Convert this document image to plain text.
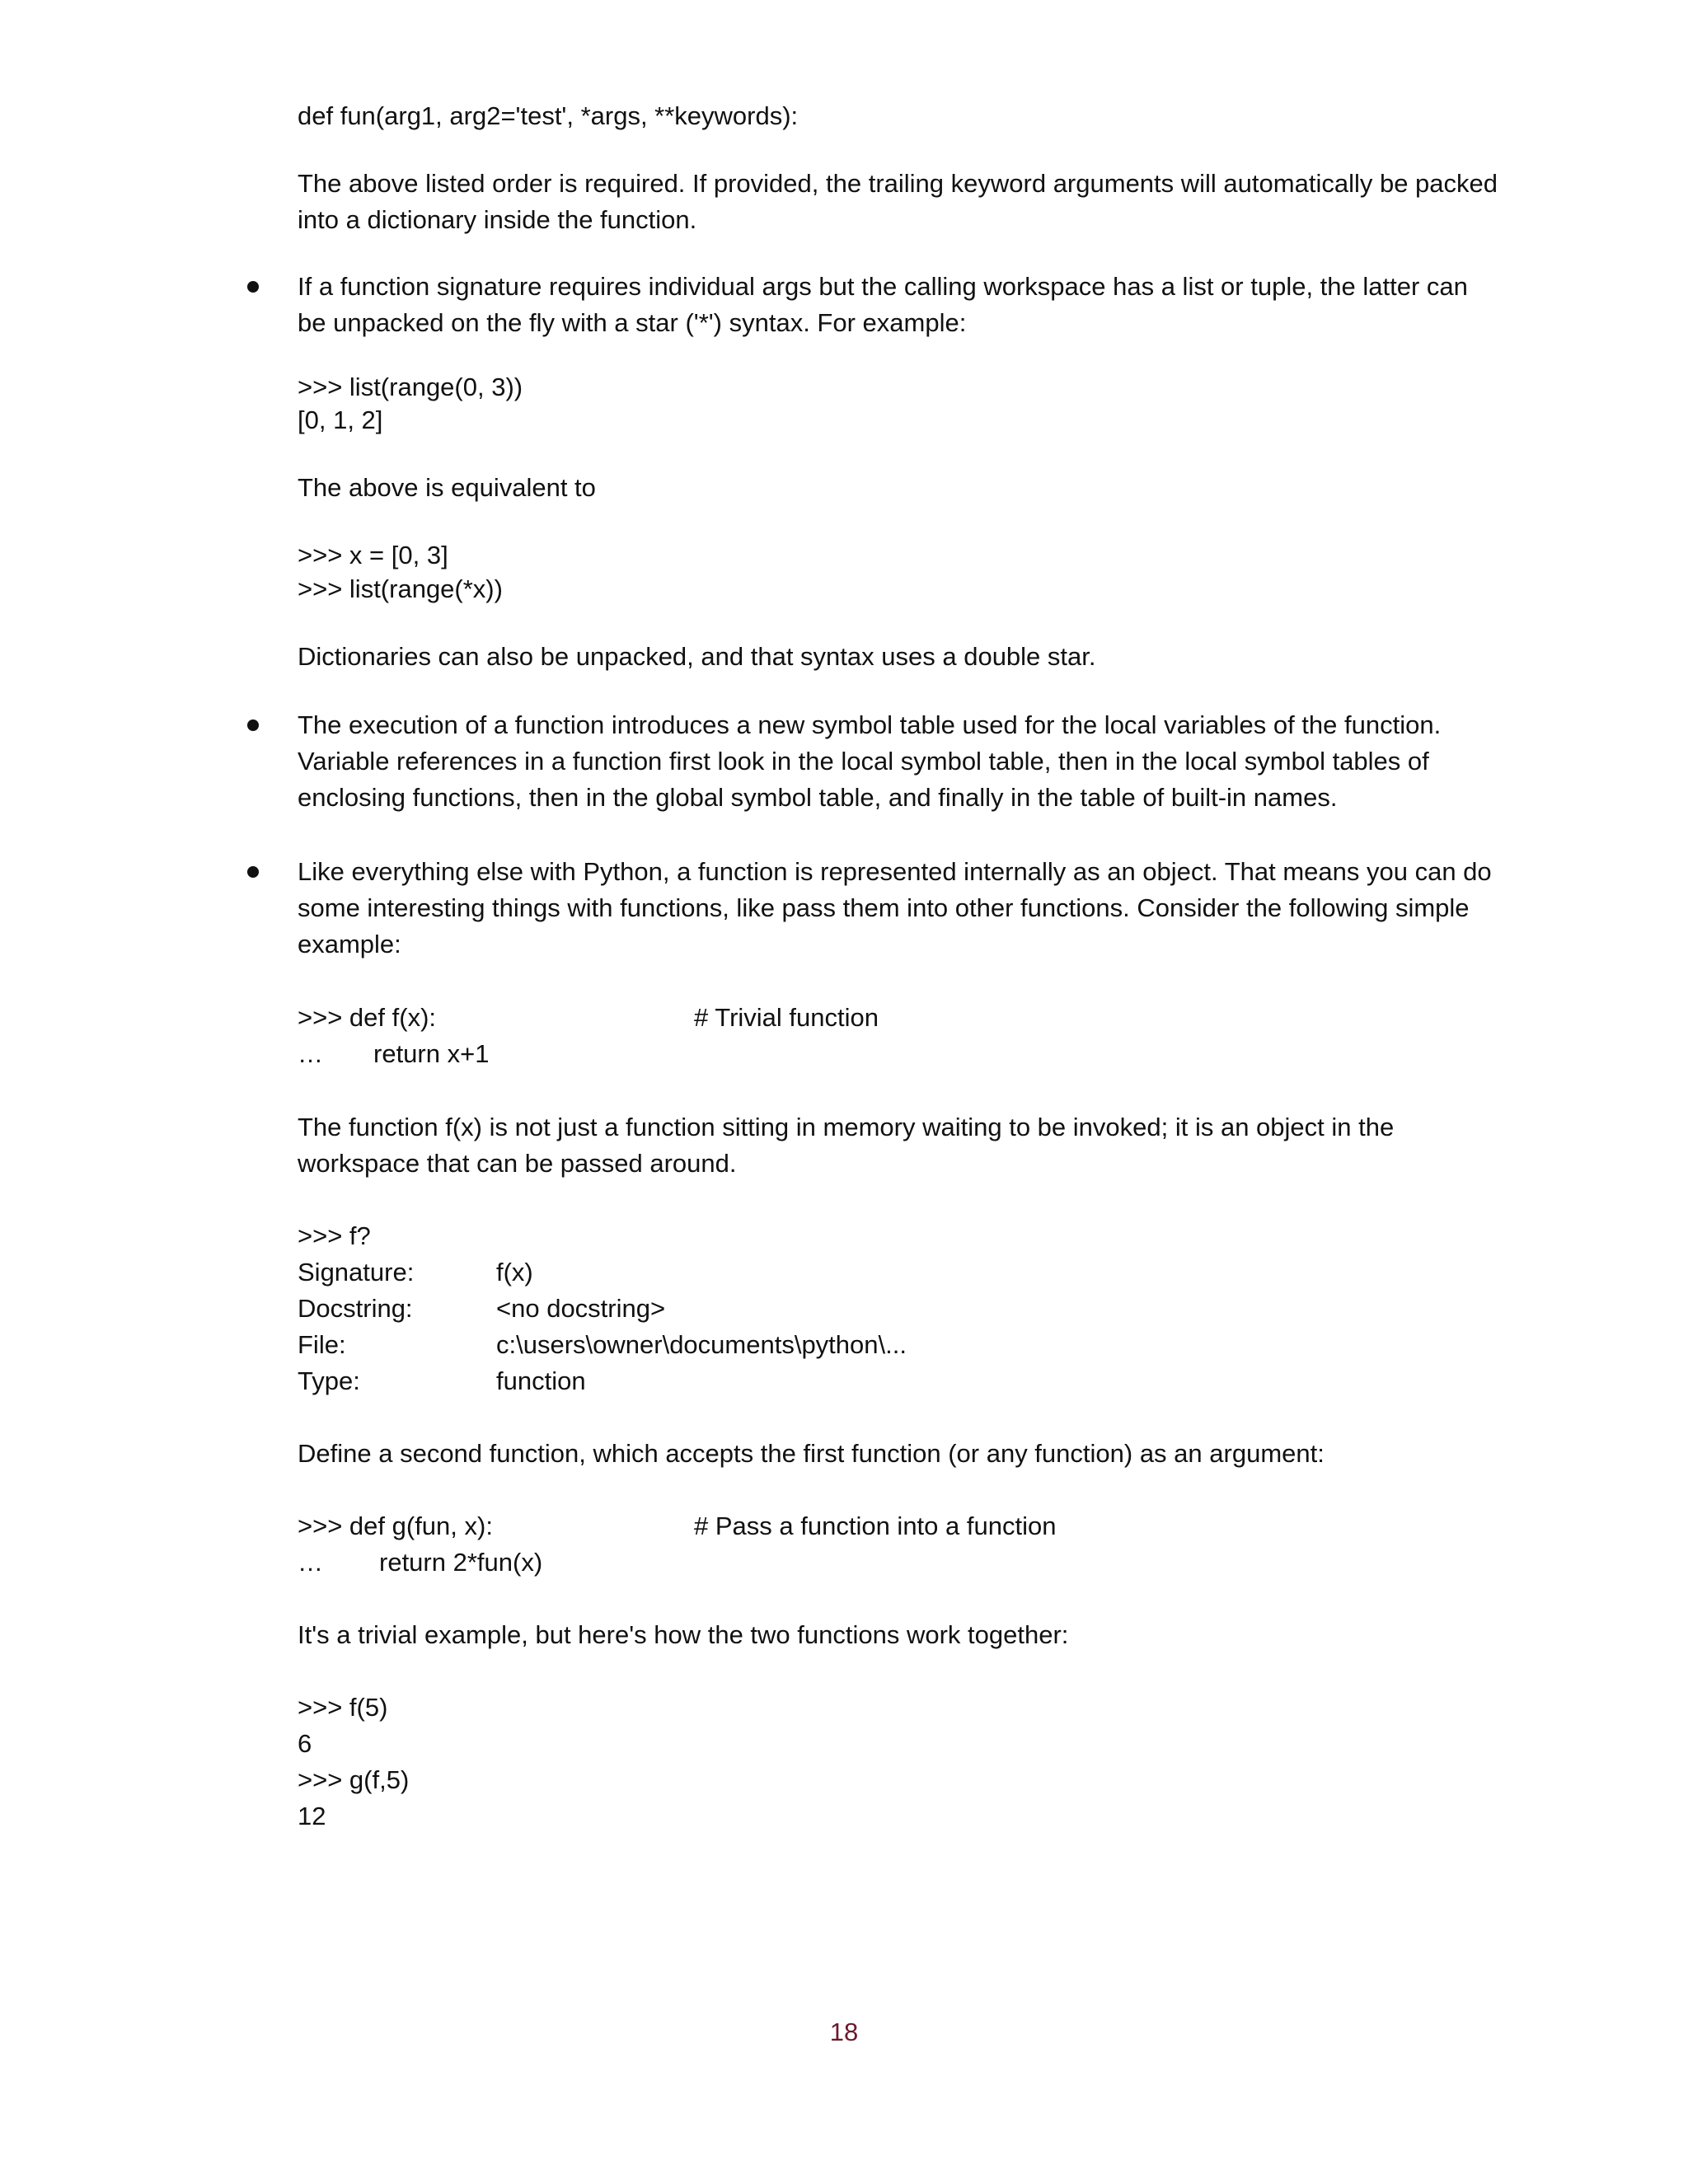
def fun(arg1, arg2='test', *args, **keywords):
The above listed order is required. If provided, the trailing keyword arguments will automatically be packed into a dictionary inside the function.
If a function signature requires individual args but the calling workspace has a list or tuple, the latter can be unpacked on the fly with a star ('*') syntax. For example:
>>> list(range(0, 3))
[0, 1, 2]
The above is equivalent to
>>> x = [0, 3]
>>> list(range(*x))
Dictionaries can also be unpacked, and that syntax uses a double star.
The execution of a function introduces a new symbol table used for the local variables of the function. Variable references in a function first look in the local symbol table, then in the local symbol tables of enclosing functions, then in the global symbol table, and finally in the table of built-in names.
Like everything else with Python, a function is represented internally as an object. That means you can do some interesting things with functions, like pass them into other functions. Consider the following simple example:
>>> def f(x):	# Trivial function
… return x+1
The function f(x) is not just a function sitting in memory waiting to be invoked; it is an object in the workspace that can be passed around.
>>> f?
Signature:	f(x)
Docstring:	<no docstring>
File:	c:\users\owner\documents\python\...
Type:	function
Define a second function, which accepts the first function (or any function) as an argument:
>>> def g(fun, x):	# Pass a function into a function
… return 2*fun(x)
It's a trivial example, but here's how the two functions work together:
>>> f(5)
6
>>> g(f,5)
12
18
